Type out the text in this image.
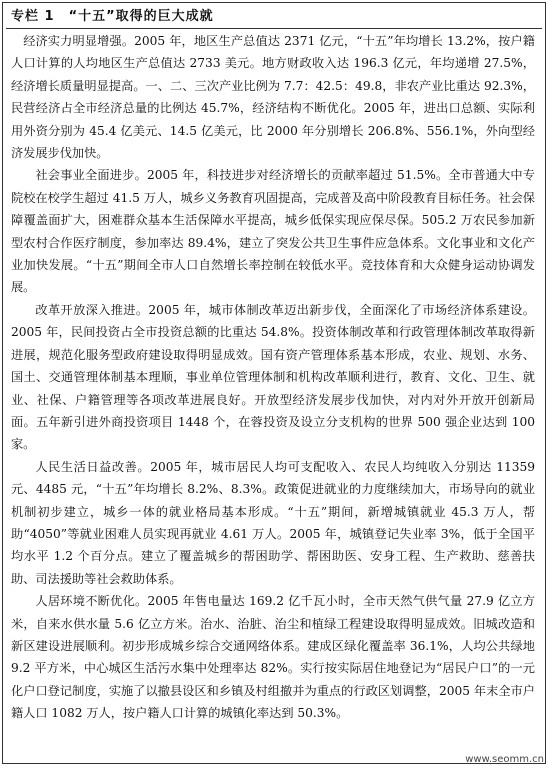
专栏 1　“十五”取得的巨大成就

经济实力明显增强。2005 年，地区生产总值达 2371 亿元，“十五”年均增长 13.2%，按户籍人口计算的人均地区生产总值达 2733 美元。地方财政收入达 196.3 亿元，年均递增 27.5%，经济增长质量明显提高。一、二、三次产业比例为 7.7：42.5：49.8，非农产业比重达 92.3%，民营经济占全市经济总量的比例达 45.7%，经济结构不断优化。2005 年，进出口总额、实际利用外资分别为 45.4 亿美元、14.5 亿美元，比 2000 年分别增长 206.8%、556.1%，外向型经济发展步伐加快。

社会事业全面进步。2005 年，科技进步对经济增长的贡献率超过 51.5%。全市普通大中专院校在校学生超过 41.5 万人，城乡义务教育巩固提高，完成普及高中阶段教育目标任务。社会保障覆盖面扩大，困难群众基本生活保障水平提高，城乡低保实现应保尽保。505.2 万农民参加新型农村合作医疗制度，参加率达 89.4%，建立了突发公共卫生事件应急体系。文化事业和文化产业加快发展。“十五”期间全市人口自然增长率控制在较低水平。竞技体育和大众健身运动协调发展。

改革开放深入推进。2005 年，城市体制改革迈出新步伐，全面深化了市场经济体系建设。2005 年，民间投资占全市投资总额的比重达 54.8%。投资体制改革和行政管理体制改革取得新进展，规范化服务型政府建设取得明显成效。国有资产管理体系基本形成，农业、规划、水务、国土、交通管理体制基本理顺，事业单位管理体制和机构改革顺利进行，教育、文化、卫生、就业、社保、户籍管理等各项改革进展良好。开放型经济发展步伐加快，对内对外开放开创新局面。五年新引进外商投资项目 1448 个，在蓉投资及设立分支机构的世界 500 强企业达到 100 家。

人民生活日益改善。2005 年，城市居民人均可支配收入、农民人均纯收入分别达 11359 元、4485 元，“十五”年均增长 8.2%、8.3%。政策促进就业的力度继续加大，市场导向的就业机制初步建立，城乡一体的就业格局基本形成。“十五”期间，新增城镇就业 45.3 万人，帮助“4050”等就业困难人员实现再就业 4.61 万人。2005 年，城镇登记失业率 3%，低于全国平均水平 1.2 个百分点。建立了覆盖城乡的帮困助学、帮困助医、安身工程、生产救助、慈善扶助、司法援助等社会救助体系。

人居环境不断优化。2005 年售电量达 169.2 亿千瓦小时，全市天然气供气量 27.9 亿立方米，自来水供水量 5.6 亿立方米。治水、治脏、治尘和植绿工程建设取得明显成效。旧城改造和新区建设进展顺利。初步形成城乡综合交通网络体系。建成区绿化覆盖率 36.1%，人均公共绿地 9.2 平方米，中心城区生活污水集中处理率达 82%。实行按实际居住地登记为“居民户口”的一元化户口登记制度，实施了以撤县设区和乡镇及村组撤并为重点的行政区划调整，2005 年末全市户籍人口 1082 万人，按户籍人口计算的城镇化率达到 50.3%。

www.seomm.cn
